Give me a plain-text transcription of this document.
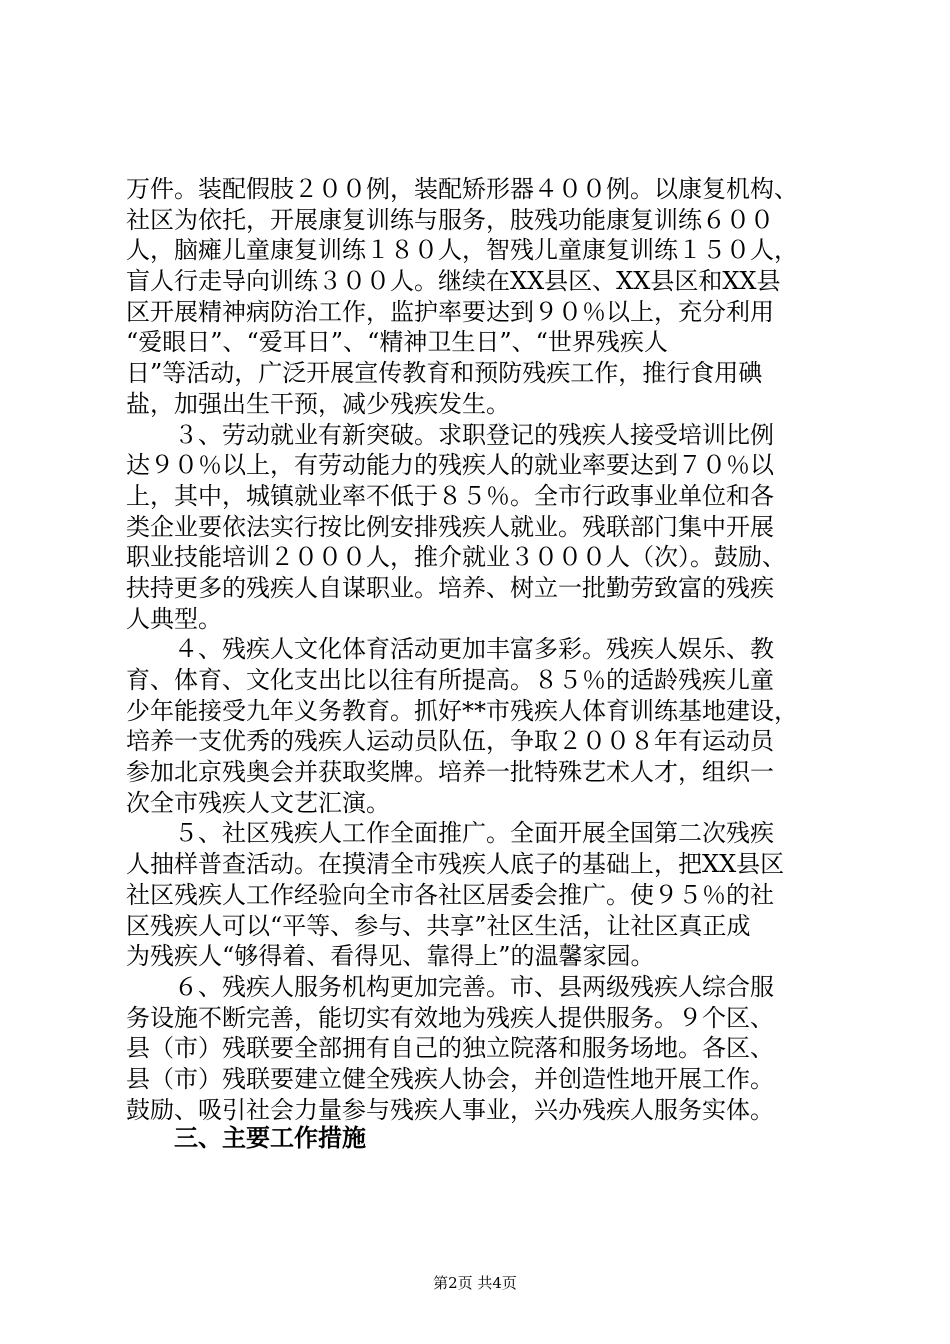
万件。装配假肢２００例，装配矫形器４００例。以康复机构、
社区为依托，开展康复训练与服务，肢残功能康复训练６００
人，脑瘫儿童康复训练１８０人，智残儿童康复训练１５０人，
盲人行走导向训练３００人。继续在XX县区、XX县区和XX县
区开展精神病防治工作，监护率要达到９０％以上，充分利用
“爱眼日”、“爱耳日”、“精神卫生日”、“世界残疾人
日”等活动，广泛开展宣传教育和预防残疾工作，推行食用碘
盐，加强出生干预，减少残疾发生。
　　３、劳动就业有新突破。求职登记的残疾人接受培训比例
达９０％以上，有劳动能力的残疾人的就业率要达到７０％以
上，其中，城镇就业率不低于８５％。全市行政事业单位和各
类企业要依法实行按比例安排残疾人就业。残联部门集中开展
职业技能培训２０００人，推介就业３０００人（次）。鼓励、
扶持更多的残疾人自谋职业。培养、树立一批勤劳致富的残疾
人典型。
　　４、残疾人文化体育活动更加丰富多彩。残疾人娱乐、教
育、体育、文化支出比以往有所提高。８５％的适龄残疾儿童
少年能接受九年义务教育。抓好**市残疾人体育训练基地建设，
培养一支优秀的残疾人运动员队伍，争取２００８年有运动员
参加北京残奥会并获取奖牌。培养一批特殊艺术人才，组织一
次全市残疾人文艺汇演。
　　５、社区残疾人工作全面推广。全面开展全国第二次残疾
人抽样普查活动。在摸清全市残疾人底子的基础上，把XX县区
社区残疾人工作经验向全市各社区居委会推广。使９５％的社
区残疾人可以“平等、参与、共享”社区生活，让社区真正成
为残疾人“够得着、看得见、靠得上”的温馨家园。
　　６、残疾人服务机构更加完善。市、县两级残疾人综合服
务设施不断完善，能切实有效地为残疾人提供服务。９个区、
县（市）残联要全部拥有自己的独立院落和服务场地。各区、
县（市）残联要建立健全残疾人协会，并创造性地开展工作。
鼓励、吸引社会力量参与残疾人事业，兴办残疾人服务实体。
三、主要工作措施
第2页 共4页
